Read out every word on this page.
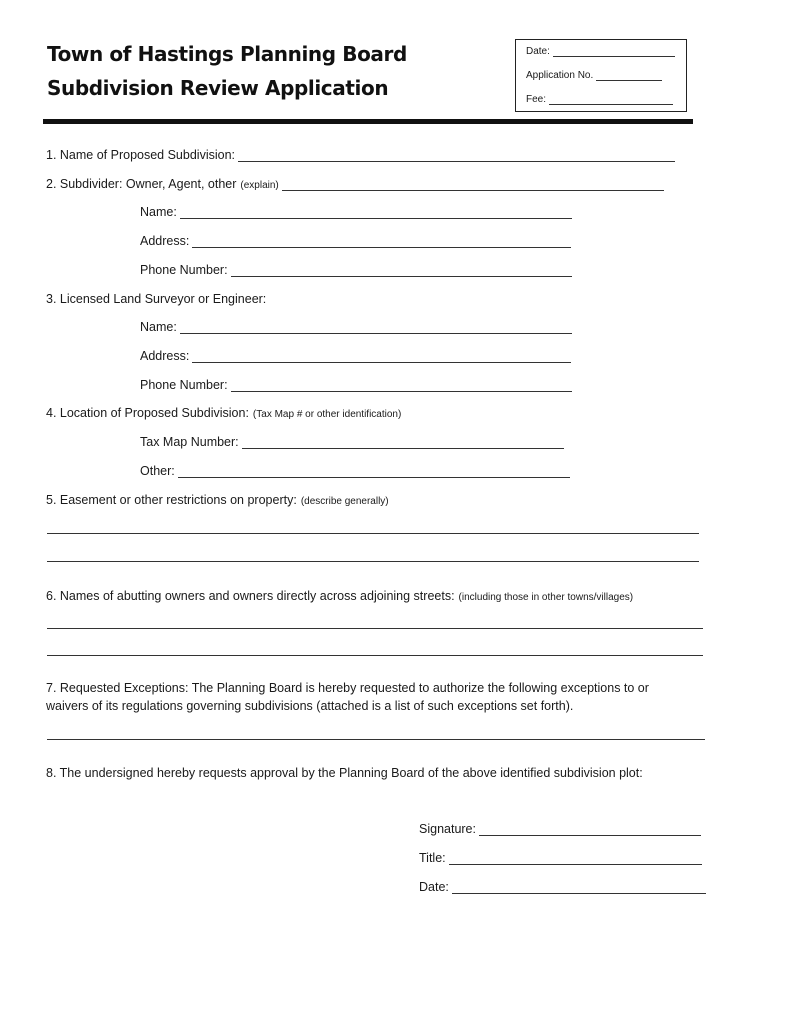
Town of Hastings Planning Board
Subdivision Review Application
Date:
Application No.
Fee:
1. Name of Proposed Subdivision:
2. Subdivider: Owner, Agent, other (explain)
Name:
Address:
Phone Number:
3. Licensed Land Surveyor or Engineer:
Name:
Address:
Phone Number:
4. Location of Proposed Subdivision: (Tax Map # or other identification)
Tax Map Number:
Other:
5. Easement or other restrictions on property: (describe generally)
6. Names of abutting owners and owners directly across adjoining streets: (including those in other towns/villages)
7. Requested Exceptions: The Planning Board is hereby requested to authorize the following exceptions to or
waivers of its regulations governing subdivisions (attached is a list of such exceptions set forth).
8. The undersigned hereby requests approval by the Planning Board of the above identified subdivision plot:
Signature:
Title:
Date:
